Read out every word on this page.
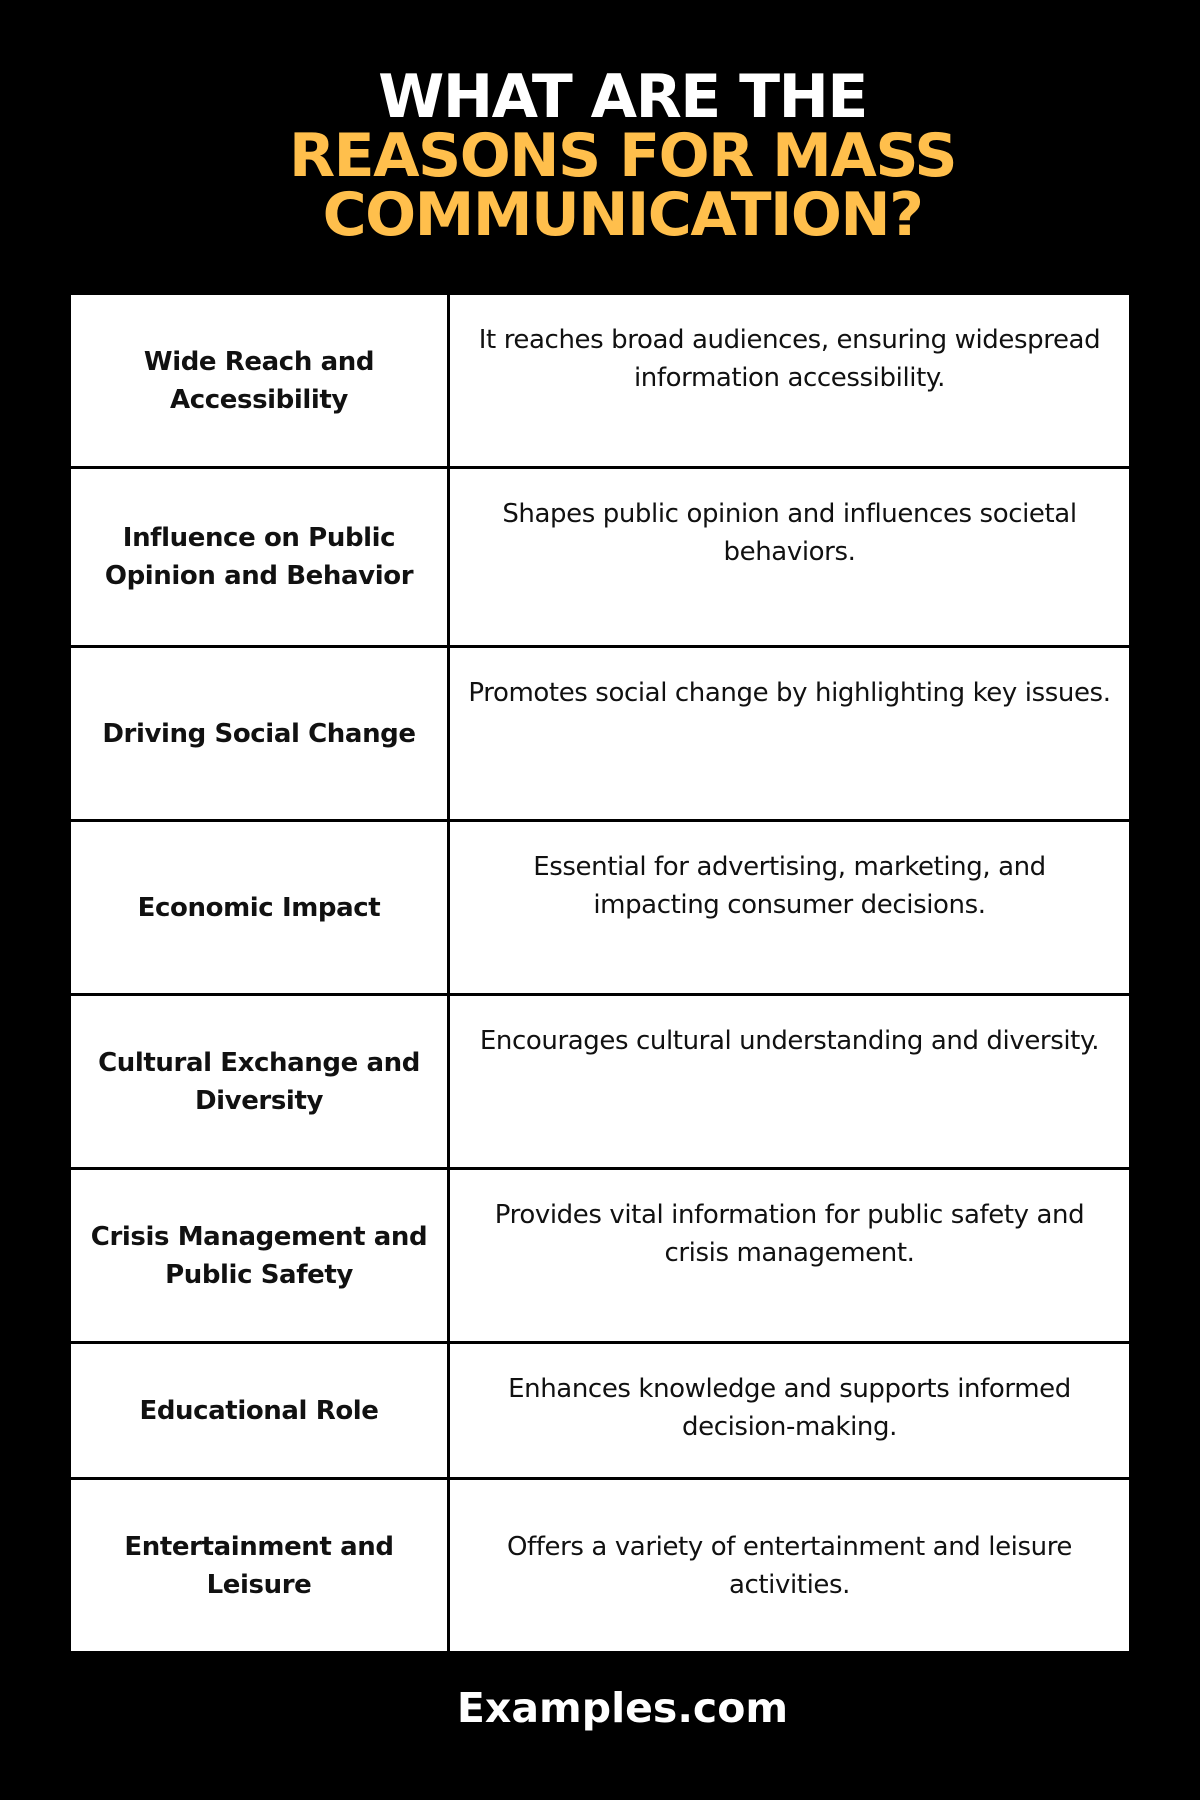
WHAT ARE THE
REASONS FOR MASS
COMMUNICATION?
Wide Reach and Accessibility	It reaches broad audiences, ensuring widespread information accessibility.
Influence on Public Opinion and Behavior	Shapes public opinion and influences societal behaviors.
Driving Social Change	Promotes social change by highlighting key issues.
Economic Impact	Essential for advertising, marketing, and impacting consumer decisions.
Cultural Exchange and Diversity	Encourages cultural understanding and diversity.
Crisis Management and Public Safety	Provides vital information for public safety and crisis management.
Educational Role	Enhances knowledge and supports informed decision-making.
Entertainment and Leisure	Offers a variety of entertainment and leisure activities.
Examples.com
